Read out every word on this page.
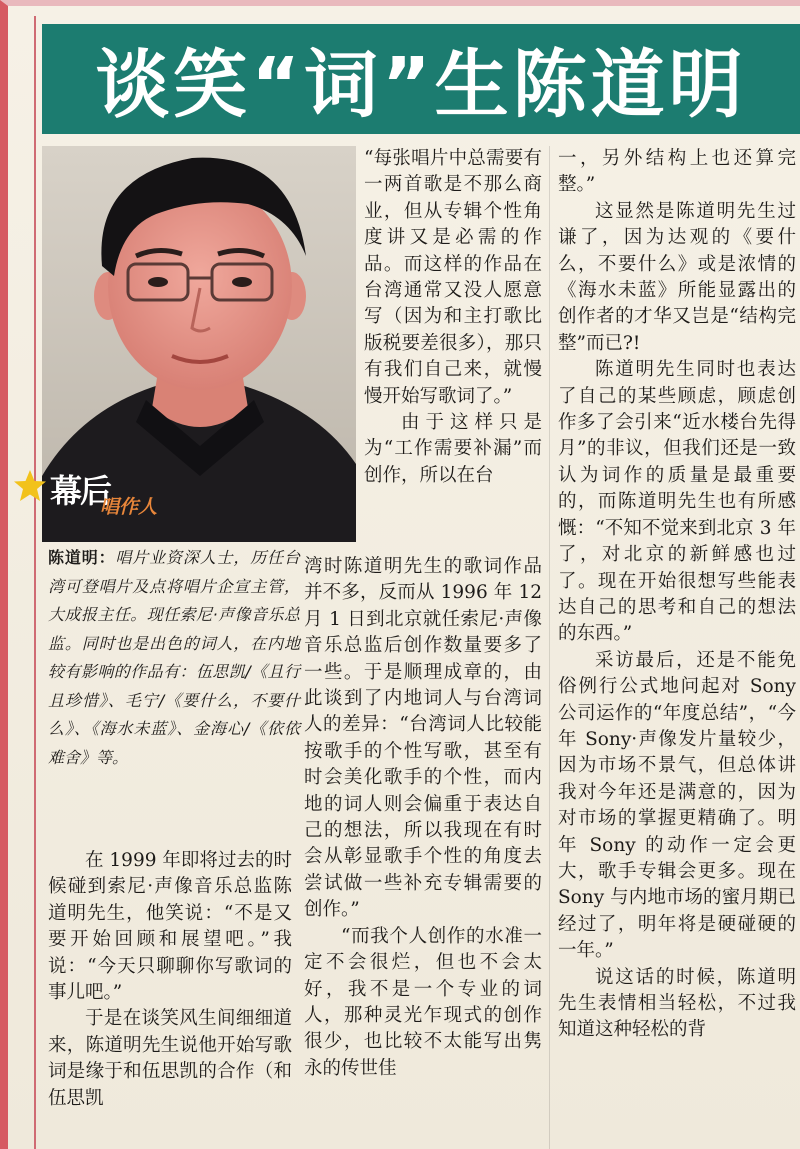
谈笑“词”生陈道明
幕后
唱作人

陈道明：唱片业资深人士，历任台湾可登唱片及点将唱片企宣主管，大成报主任。现任索尼·声像音乐总监。同时也是出色的词人，在内地较有影响的作品有：伍思凯/《且行且珍惜》、毛宁/《要什么，不要什么》、《海水未蓝》、金海心/《依依难舍》等。

在 1999 年即将过去的时候碰到索尼·声像音乐总监陈道明先生，他笑说：“不是又要开始回顾和展望吧。”我说：“今天只聊聊你写歌词的事儿吧。”

于是在谈笑风生间细细道来，陈道明先生说他开始写歌词是缘于和伍思凯的合作（和伍思凯

“每张唱片中总需要有一两首歌是不那么商业，但从专辑个性角度讲又是必需的作品。而这样的作品在台湾通常又没人愿意写（因为和主打歌比版税要差很多），那只有我们自己来，就慢慢开始写歌词了。”

由于这样只是为“工作需要补漏”而创作，所以在台

湾时陈道明先生的歌词作品并不多，反而从 1996 年 12 月 1 日到北京就任索尼·声像音乐总监后创作数量要多了一些。于是顺理成章的，由此谈到了内地词人与台湾词人的差异：“台湾词人比较能按歌手的个性写歌，甚至有时会美化歌手的个性，而内地的词人则会偏重于表达自己的想法，所以我现在有时会从彰显歌手个性的角度去尝试做一些补充专辑需要的创作。”

“而我个人创作的水准一定不会很烂，但也不会太好，我不是一个专业的词人，那种灵光乍现式的创作很少，也比较不太能写出隽永的传世佳

一，另外结构上也还算完整。”

这显然是陈道明先生过谦了，因为达观的《要什么，不要什么》或是浓情的《海水未蓝》所能显露出的创作者的才华又岂是“结构完整”而已?!

陈道明先生同时也表达了自己的某些顾虑，顾虑创作多了会引来“近水楼台先得月”的非议，但我们还是一致认为词作的质量是最重要的，而陈道明先生也有所感慨：“不知不觉来到北京 3 年了，对北京的新鲜感也过了。现在开始很想写些能表达自己的思考和自己的想法的东西。”

采访最后，还是不能免俗例行公式地问起对 Sony 公司运作的“年度总结”，“今年 Sony·声像发片量较少，因为市场不景气，但总体讲我对今年还是满意的，因为对市场的掌握更精确了。明年 Sony 的动作一定会更大，歌手专辑会更多。现在 Sony 与内地市场的蜜月期已经过了，明年将是硬碰硬的一年。”

说这话的时候，陈道明先生表情相当轻松，不过我知道这种轻松的背
